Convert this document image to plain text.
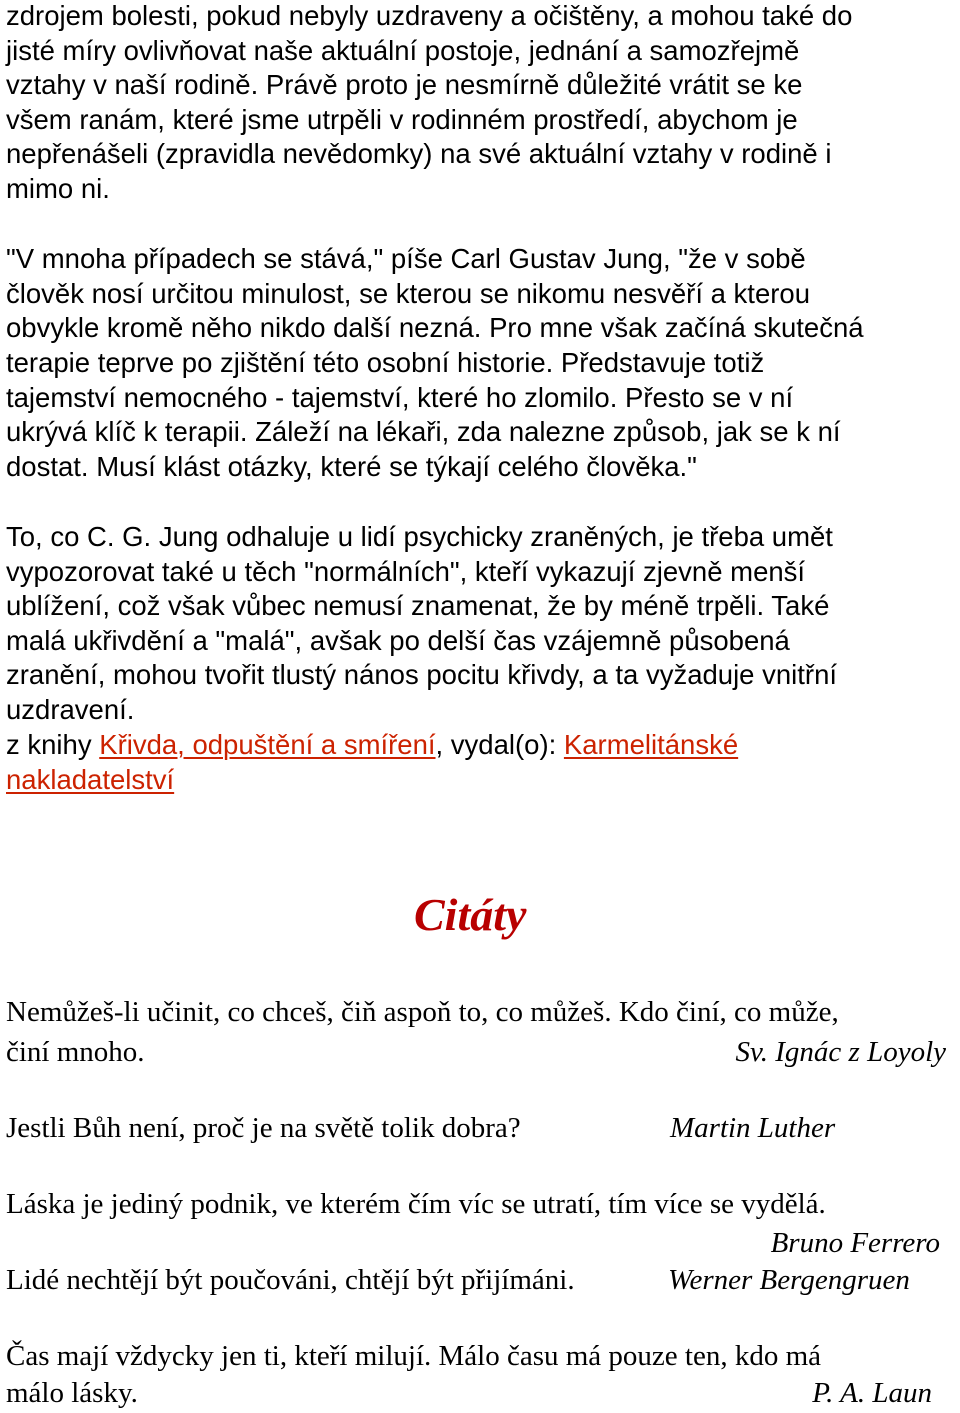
zdrojem bolesti, pokud nebyly uzdraveny a očištěny, a mohou také do
jisté míry ovlivňovat naše aktuální postoje, jednání a samozřejmě
vztahy v naší rodině. Právě proto je nesmírně důležité vrátit se ke
všem ranám, které jsme utrpěli v rodinném prostředí, abychom je
nepřenášeli (zpravidla nevědomky) na své aktuální vztahy v rodině i
mimo ni.
"V mnoha případech se stává," píše Carl Gustav Jung, "že v sobě
člověk nosí určitou minulost, se kterou se nikomu nesvěří a kterou
obvykle kromě něho nikdo další nezná. Pro mne však začíná skutečná
terapie teprve po zjištění této osobní historie. Představuje totiž
tajemství nemocného - tajemství, které ho zlomilo. Přesto se v ní
ukrývá klíč k terapii. Záleží na lékaři, zda nalezne způsob, jak se k ní
dostat. Musí klást otázky, které se týkají celého člověka."
To, co C. G. Jung odhaluje u lidí psychicky zraněných, je třeba umět
vypozorovat také u těch "normálních", kteří vykazují zjevně menší
ublížení, což však vůbec nemusí znamenat, že by méně trpěli. Také
malá ukřivdění a "malá", avšak po delší čas vzájemně působená
zranění, mohou tvořit tlustý nános pocitu křivdy, a ta vyžaduje vnitřní
uzdravení.
z knihy Křivda, odpuštění a smíření, vydal(o): Karmelitánské
nakladatelství
Citáty
Nemůžeš-li učinit, co chceš, čiň aspoň to, co můžeš. Kdo činí, co může,
činí mnoho.	Sv. Ignác z Loyoly
Jestli Bůh není, proč je na světě tolik dobra?	Martin Luther
Láska je jediný podnik, ve kterém čím víc se utratí, tím více se vydělá.
Bruno Ferrero
Lidé nechtějí být poučováni, chtějí být přijímáni.	Werner Bergengruen
Čas mají vždycky jen ti, kteří milují. Málo času má pouze ten, kdo má
málo lásky.	P. A. Laun
